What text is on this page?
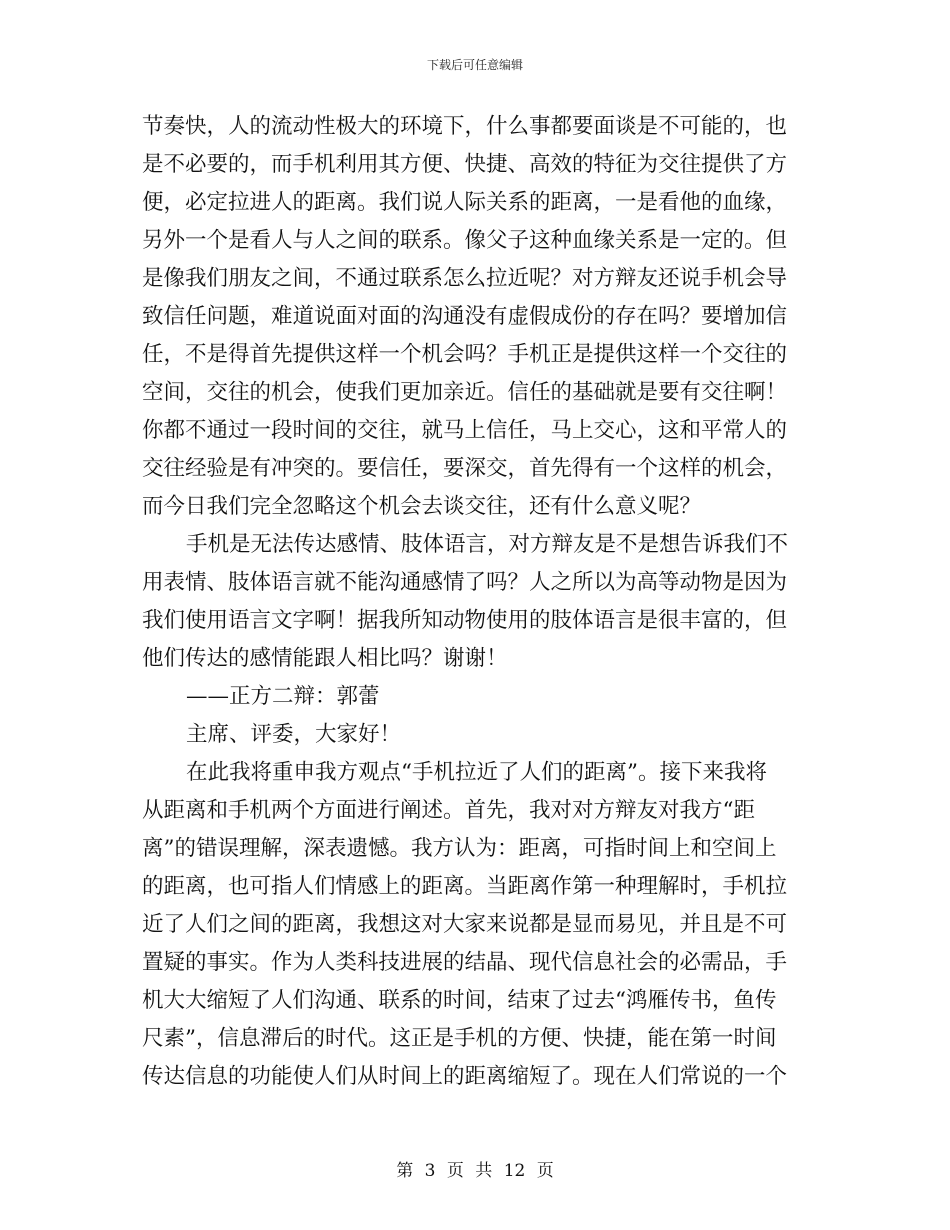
下载后可任意编辑
节奏快，人的流动性极大的环境下，什么事都要面谈是不可能的，也
是不必要的，而手机利用其方便、快捷、高效的特征为交往提供了方
便，必定拉进人的距离。我们说人际关系的距离，一是看他的血缘，
另外一个是看人与人之间的联系。像父子这种血缘关系是一定的。但
是像我们朋友之间，不通过联系怎么拉近呢？对方辩友还说手机会导
致信任问题，难道说面对面的沟通没有虚假成份的存在吗？要增加信
任，不是得首先提供这样一个机会吗？手机正是提供这样一个交往的
空间，交往的机会，使我们更加亲近。信任的基础就是要有交往啊！
你都不通过一段时间的交往，就马上信任，马上交心，这和平常人的
交往经验是有冲突的。要信任，要深交，首先得有一个这样的机会，
而今日我们完全忽略这个机会去谈交往，还有什么意义呢？
手机是无法传达感情、肢体语言，对方辩友是不是想告诉我们不
用表情、肢体语言就不能沟通感情了吗？人之所以为高等动物是因为
我们使用语言文字啊！据我所知动物使用的肢体语言是很丰富的，但
他们传达的感情能跟人相比吗？谢谢！
——正方二辩：郭蕾
主席、评委，大家好！
在此我将重申我方观点“手机拉近了人们的距离”。接下来我将
从距离和手机两个方面进行阐述。首先，我对对方辩友对我方“距
离”的错误理解，深表遗憾。我方认为：距离，可指时间上和空间上
的距离，也可指人们情感上的距离。当距离作第一种理解时，手机拉
近了人们之间的距离，我想这对大家来说都是显而易见，并且是不可
置疑的事实。作为人类科技进展的结晶、现代信息社会的必需品，手
机大大缩短了人们沟通、联系的时间，结束了过去“鸿雁传书，鱼传
尺素”，信息滞后的时代。这正是手机的方便、快捷，能在第一时间
传达信息的功能使人们从时间上的距离缩短了。现在人们常说的一个
第 3 页 共 12 页
